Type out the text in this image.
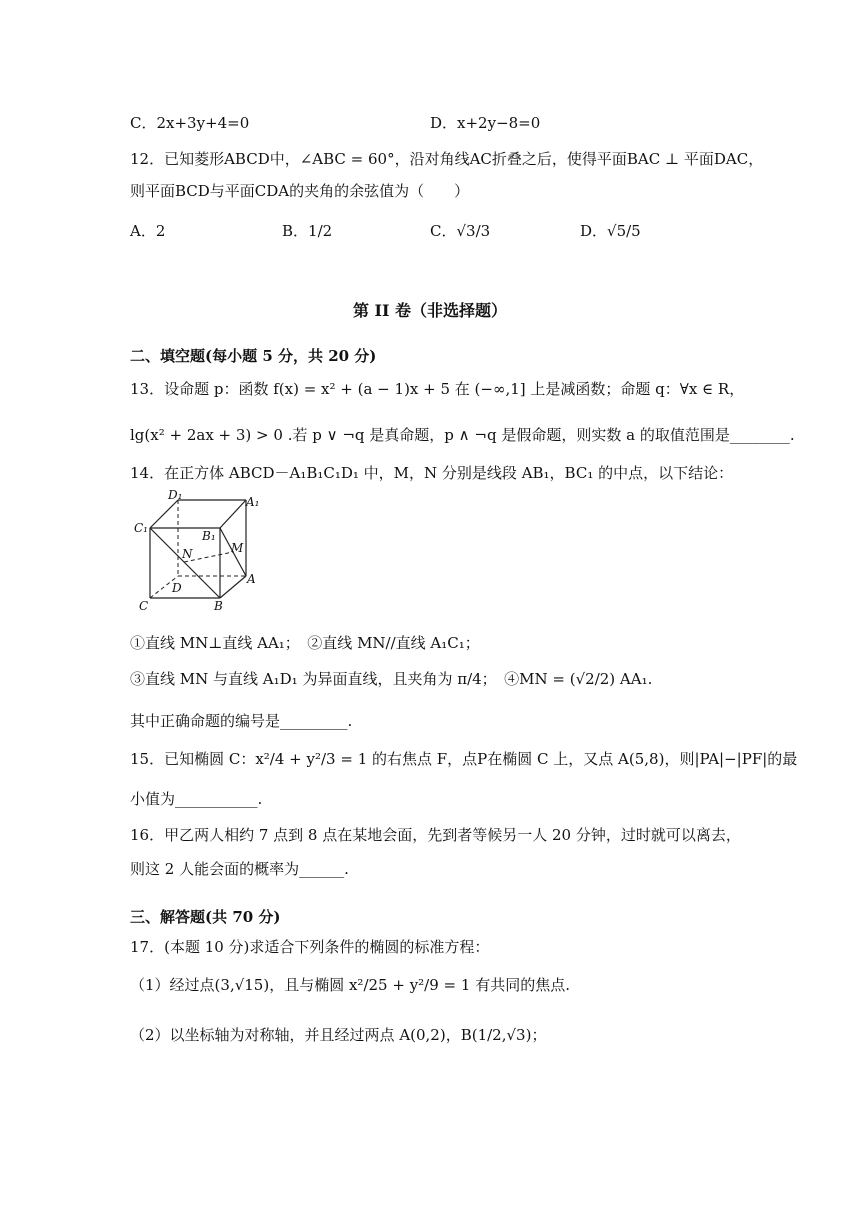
C．2x+3y+4=0	D．x+2y−8=0
12．已知菱形ABCD中，∠ABC = 60°，沿对角线AC折叠之后，使得平面BAC ⊥ 平面DAC，
则平面BCD与平面CDA的夹角的余弦值为（　　）
A．2	B．1/2	C．√3/3	D．√5/5
第 II 卷（非选择题）
二、填空题(每小题 5 分，共 20 分)
13．设命题 p：函数 f(x) = x² + (a − 1)x + 5 在 (−∞,1] 上是减函数；命题 q：∀x ∈ R，
lg(x² + 2ax + 3) > 0 .若 p ∨ ¬q 是真命题，p ∧ ¬q 是假命题，则实数 a 的取值范围是________.
14．在正方体 ABCD－A₁B₁C₁D₁ 中，M，N 分别是线段 AB₁，BC₁ 的中点，以下结论：
D₁	A₁
C₁
B₁
M
N
D
A
C	B
①直线 MN⊥直线 AA₁；　②直线 MN//直线 A₁C₁；
③直线 MN 与直线 A₁D₁ 为异面直线，且夹角为 π/4；　④MN = (√2/2) AA₁.
其中正确命题的编号是_________.
15．已知椭圆 C：x²/4 + y²/3 = 1 的右焦点 F，点P在椭圆 C 上，又点 A(5,8)，则|PA|−|PF|的最
小值为___________.
16．甲乙两人相约 7 点到 8 点在某地会面，先到者等候另一人 20 分钟，过时就可以离去，
则这 2 人能会面的概率为______.
三、解答题(共 70 分)
17．(本题 10 分)求适合下列条件的椭圆的标准方程：
（1）经过点(3,√15)，且与椭圆 x²/25 + y²/9 = 1 有共同的焦点.
（2）以坐标轴为对称轴，并且经过两点 A(0,2)，B(1/2,√3)；
